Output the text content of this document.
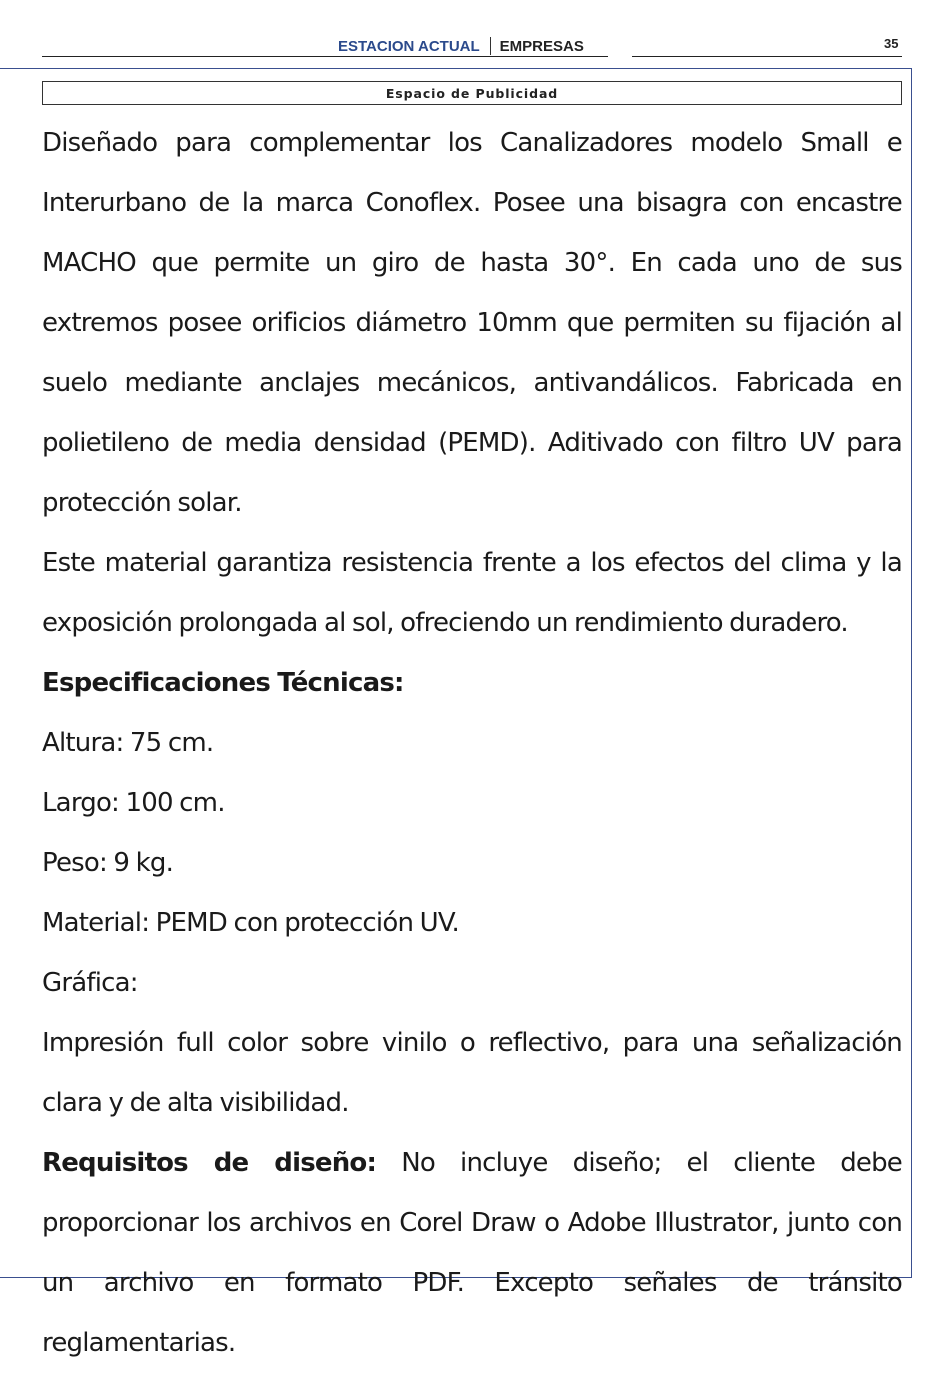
ESTACION ACTUAL EMPRESAS	35
Espacio de Publicidad

Diseñado para complementar los Canalizadores modelo Small e Interurbano de la marca Conoflex. Posee una bisagra con encastre MACHO que permite un giro de hasta 30°. En cada uno de sus extremos posee orificios diámetro 10mm que permiten su fijación al suelo mediante anclajes mecánicos, antivandálicos. Fabricada en polietileno de media densidad (PEMD). Aditivado con filtro UV para protección solar.

Este material garantiza resistencia frente a los efectos del clima y la exposición prolongada al sol, ofreciendo un rendimiento duradero.

Especificaciones Técnicas:

Altura: 75 cm.

Largo: 100 cm.

Peso: 9 kg.

Material: PEMD con protección UV.

Gráfica:

Impresión full color sobre vinilo o reflectivo, para una señalización clara y de alta visibilidad.

Requisitos de diseño: No incluye diseño; el cliente debe proporcionar los archivos en Corel Draw o Adobe Illustrator, junto con un archivo en formato PDF. Excepto señales de tránsito reglamentarias.
